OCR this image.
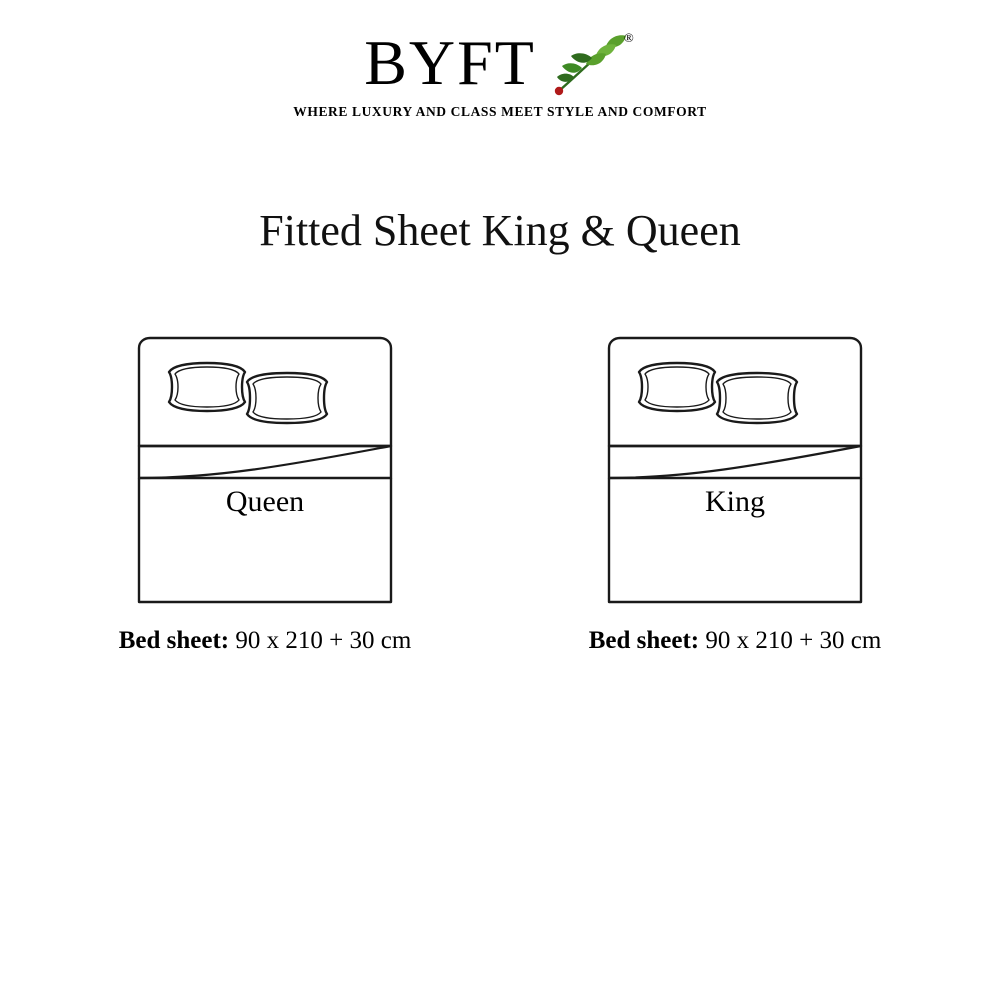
BYFT	®
WHERE LUXURY AND CLASS MEET STYLE AND COMFORT
Fitted Sheet King & Queen
Queen
Bed sheet: 90 x 210 + 30 cm
King
Bed sheet: 90 x 210 + 30 cm
